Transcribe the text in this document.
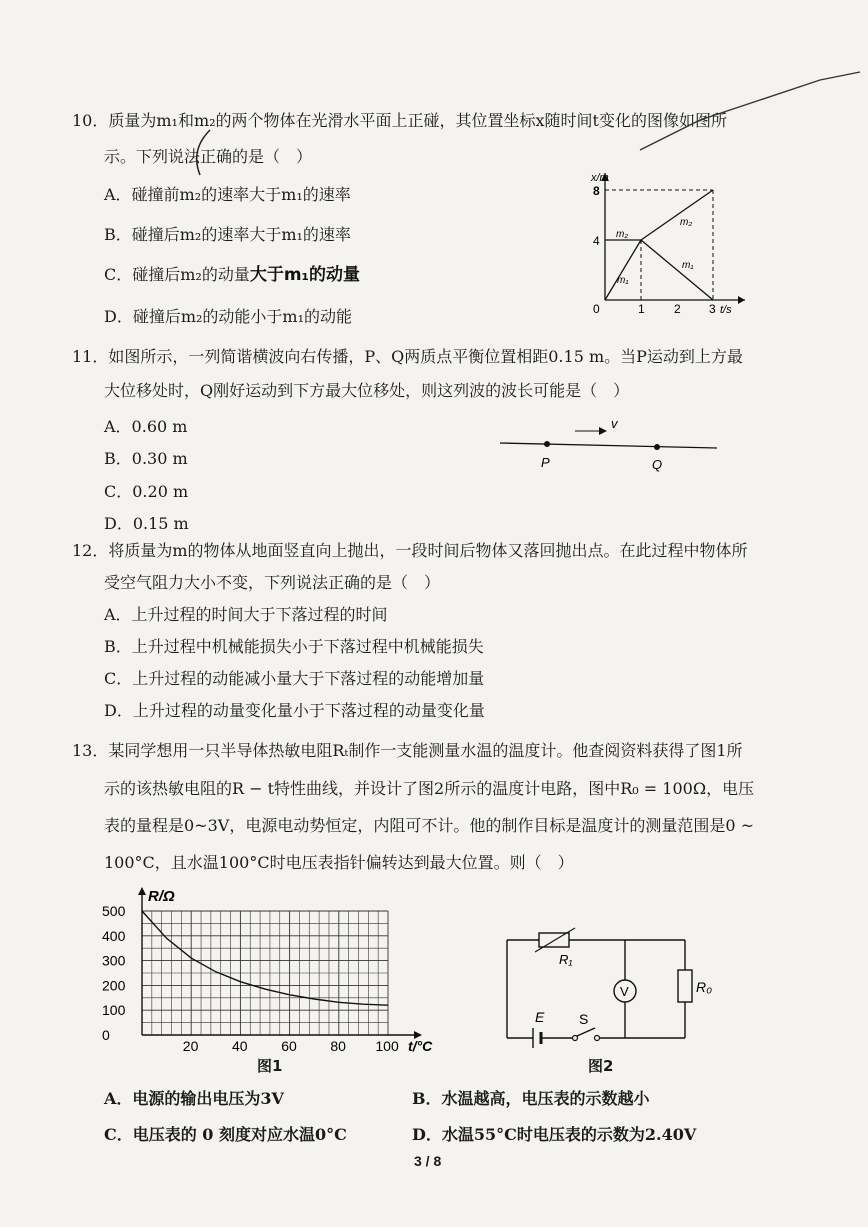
10．质量为m₁和m₂的两个物体在光滑水平面上正碰，其位置坐标x随时间t变化的图像如图所
示。下列说法正确的是（　）
A．碰撞前m₂的速率大于m₁的速率
B．碰撞后m₂的速率大于m₁的速率
C．碰撞后m₂的动量大于m₁的动量
D．碰撞后m₂的动能小于m₁的动能
x/m
t/s
8
4
0	1 2 3
m₂
m₁
m₂
m₁
11．如图所示，一列简谐横波向右传播，P、Q两质点平衡位置相距0.15 m。当P运动到上方最
大位移处时，Q刚好运动到下方最大位移处，则这列波的波长可能是（　）
A．0.60 m
B．0.30 m
C．0.20 m
D．0.15 m
v
P	Q
12．将质量为m的物体从地面竖直向上抛出，一段时间后物体又落回抛出点。在此过程中物体所
受空气阻力大小不变，下列说法正确的是（　）
A．上升过程的时间大于下落过程的时间
B．上升过程中机械能损失小于下落过程中机械能损失
C．上升过程的动能减小量大于下落过程的动能增加量
D．上升过程的动量变化量小于下落过程的动量变化量
13．某同学想用一只半导体热敏电阻Rₜ制作一支能测量水温的温度计。他查阅资料获得了图1所
示的该热敏电阻的R − t特性曲线，并设计了图2所示的温度计电路，图中R₀ = 100Ω，电压
表的量程是0~3V，电源电动势恒定，内阻可不计。他的制作目标是温度计的测量范围是0 ~
100°C，且水温100°C时电压表指针偏转达到最大位置。则（　）
R/Ω
t/°C
500
400
300
200
100
0
20 40 60 80 100
图1
V
R₁
R₀
E S
图2
A．电源的输出电压为3V	B．水温越高，电压表的示数越小
C．电压表的 0 刻度对应水温0°C	D．水温55°C时电压表的示数为2.40V
3 / 8
